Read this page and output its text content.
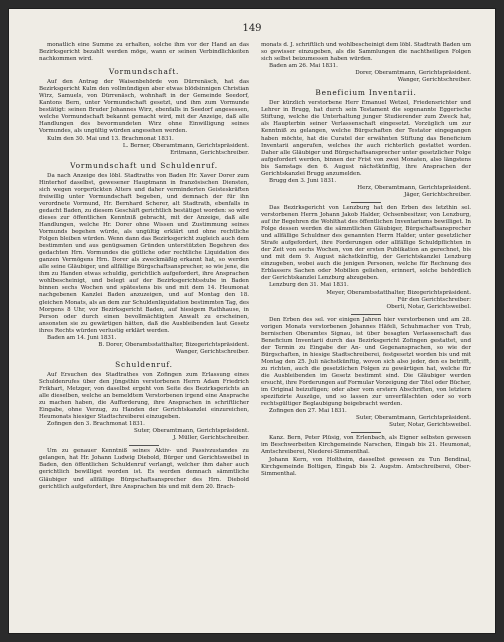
149

monatlich eine Summe zu erhalten, solche ihm vor der Hand an das Bezirksgericht bezahlt werden möge, wann er seinen Verbindlichkeiten nachkommen wird.

Vormundschaft.

Auf den Antrag der Waisenbehörde von Dürrenäsch, hat das Bezirksgericht Kulm den vollmündigen aber etwas blödsinnigen Christian Wirz, Samuels, von Dürrenäsch, wohnhaft in der Gemeinde Seedorf, Kantons Bern, unter Vormundschaft gesetzt, und ihm zum Vormunde bestätigt: seinen Bruder Johannes Wirz, ebenfalls in Seedorf angesessen, welche Vormundschaft bekannt gemacht wird, mit der Anzeige, daß alle Handlungen des bevormundeten Wirz ohne Einwilligung seines Vormundes, als ungültig würden angesehen werden.

Kulm den 30. Mai und 13. Brachmonat 1831.

L. Berner, Oberamtmann, Gerichtspräsident.

Eritmann, Gerichtschreiber.

Vormundschaft und Schuldenruf.

Da nach Anzeige des löbl. Stadtraths von Baden Hr. Xaver Dorer zum Hinterhof daselbst, gewesener Hauptmann in französischen Diensten, sich wegen vorgerückten Alters und daher verminderten Geisteskräften freiwillig unter Vormundschaft begeben, und demnach der für ihn verordnete Vormund, Hr. Bernhard Scherer, alt Stadtrath, ebenfalls in gedacht Baden, zu diesem Geschäft gerichtlich bestätiget worden: so wird dieses zur öffentlichen Kenntniß gebracht, mit der Anzeige, daß alle Handlungen, welche Hr. Dorer ohne Wissen und Zustimmung seines Vormunds begehen würde, als ungültig erklärt und ohne rechtliche Folgen bleiben würden. Wenn dann das Bezirksgericht zugleich auch dem bestimmten und aus genügsamen Gründen unterstützten Begehren des gedachten Hrn. Vormundes die gütliche oder rechtliche Liquidation des ganzen Vermögens Hrn. Dorer als zweckmäßig erkannt hat, so werden alle seine Gläubiger, und allfällige Bürgschaftsansprecher, so wie jene, die ihm zu Handen etwas schuldig, gerichtlich aufgefordert, ihre Ansprachen wohlbescheinigt, und belegt auf der Bezirksgerichtsstube in Baden binnen sechs Wochen und spätestens bis und mit dem 14. Heumonat nachgebenen Kanzlei Baden anzuzeigen, und auf Montag den 18. gleichen Monats, als an dem zur Schuldenliquidation bestimmten Tag, des Morgens 8 Uhr, vor Bezirksgericht Baden, auf hiesigem Rathhause, in Person oder durch einen bevollmächtigten Anwalt zu erscheinen, ansonsten sie zu gewärtigen hätten, daß die Ausbleibenden laut Gesetz ihres Rechts würden verlustig erklärt werden.

Baden am 14. Juni 1831.

B. Dorer, Oberamtsstatthalter, Bizegerichtspräsident.

Wanger, Gerichtschreiber.

Schuldenruf.

Auf Ersuchen des Stadtrathes von Zofingen zum Erlassung eines Schuldenrufes über den jüngsthin verstorbenen Herrn Adam Friedrich Frikhart, Metzger, von daselbst ergeht von Seite des Bezirksgerichts an alle dieselben, welche an bemeldtem Verstorbenen irgend eine Ansprache zu machen haben, die Aufforderung, ihre Ansprachen in schriftlicher Eingabe, ohne Verzug, zu Handen der Gerichtskanzlei einzureichen, Heumonats hiesiger Stadtschreiberei einzugeben.

Zofingen den 3. Brachmonat 1831.

Suter, Oberamtmann, Gerichtspräsident.

J. Müller, Gerichtschreiber.

Um zu genauer Kenntniß seines Aktiv- und Passivzustandes zu gelangen, hat Hr. Johann Ludwig Diebold, Bürger und Gerichtsweibel in Baden, den öffentlichen Schuldenruf verlangt, welcher ihm daher auch gerichtlich bewilliget worden ist. Es werden demnach sämmtliche Gläubiger und allfällige Bürgschaftsansprecher des Hrn. Diebold gerichtlich aufgefordert, ihre Ansprachen bis und mit dem 20. Brach-

monats d. J. schriftlich und wohlbescheinigt dem löbl. Stadtrath Baden um so gewisser einzugeben, als die Sammlungen die nachtheiligen Folgen sich selbst beizumessen haben würden.

Baden am 26. Mai 1831.

Dorer, Oberamtmann, Gerichtspräsident.

Wanger, Gerichtschreiber.

Beneficium Inventarii.

Der kürzlich verstorbene Herr Emanuel Wetzel, Friedensrichter und Lehrer in Brugg, hat durch sein Testament die sogenannte Eggerische Stiftung, welche die Unterhaltung junger Studierender zum Zweck hat, als Haupterbin seiner Verlassenschaft eingesetzt. Vorzüglich um zur Kenntniß zu gelangen, welche Bürgschaften der Testator eingegangen haben möchte, hat die Curatel der erwähnten Stiftung das Beneficium Inventarii angerufen, welches ihr auch richterlich gestattet worden. Daher alle Gläubiger und Bürgschaftsansprecher unter gesetzlicher Folge aufgefordert werden, binnen der Frist von zwei Monaten, also längstens bis Samstags den 6. August nächstkünftig, ihre Ansprachen der Gerichtskanzlei Brugg anzumelden.

Brugg den 3. Juni 1831.

Herz, Oberamtmann, Gerichtspräsident.

Jäger, Gerichtschreiber.

Das Bezirksgericht von Lenzburg hat den Erben des letzthin sel. verstorbenen Herrn Johann Jakob Halder, Ochsenbesitzer, von Lenzburg, auf ihr Begehren die Wohlthat des öffentlichen Inventariums bewilliget. In Folge dessen werden die sämmtlichen Gläubiger, Bürgschaftsansprecher und allfällige Schuldner des genannten Herrn Halder, unter gesetzlicher Strafe aufgefordert, ihre Forderungen oder allfällige Schuldpflichten in der Zeit von sechs Wochen, von der ersten Publikation an gerechnet, bis und mit dem 9. August nächstkünftig, der Gerichtskanzlei Lenzburg einzugeben, wobei auch die jenigen Personen, welche für Rechnung des Erblassers Sachen oder Mobilien geliehen, erinnert, solche behördlich der Gerichtskanzlei Lenzburg abzugeben.

Lenzburg den 31. Mai 1831.

Meyer, Oberamtsstatthalter, Bizegerichtspräsident.

Für den Gerichtschreiber:

Oberli, Notar, Gerichtsweibel.

Den Erben des sel. vor einigen Jahren hier verstorbenen und am 28. vorigen Monats verstorbenen Johannes Häfeli, Schuhmacher von Trub, bernischen Oberamtes Signau, ist über besagten Verlassenschaft das Beneficium Inventarii durch das Bezirksgericht Zofingen gestattet, und der Termin zu Eingabe der An- und Gegenansprachen, so wie der Bürgschaften, in hiesige Stadtschreiberei, festgesetzt worden bis und mit Montag den 25. Juli nächstkünftig, wovon sich also jeder, den es betrifft, zu richten, auch die gesetzlichen Folgen zu gewärtigen hat, welche für die Ausbleibenden im Gesetz bestimmt sind. Die Gläubiger werden ersucht, ihre Forderungen auf Formular Vorzeigung der Titel oder Bücher, im Original beizufügen; oder aber vom erstern Abschriften, von letztern spezifizirte Auszüge, und so lassen zur unverfälschten oder so vorb rechtsgültiger Beglaubigung beigebracht werden.

Zofingen den 27. Mai 1831.

Suter, Oberamtmann, Gerichtspräsident.

Suter, Notar, Gerichtsweibel.

Kanz. Bern, Peter Plüsig, von Erlenbach, als Eigner selbsten gewesen im Beschwerbeiten Kirchgemeinde Narschen, Eingab bis 21. Heumonat, Amtschreiberei, Niederei-Simmenthal.

Johann Kern, von Holtheim, dasselbst gewesen zu Tun Bendinal, Kirchgemeinde Boltigen, Eingab bis 2. Augstm. Amtschreiberei, Ober-Simmenthal.
